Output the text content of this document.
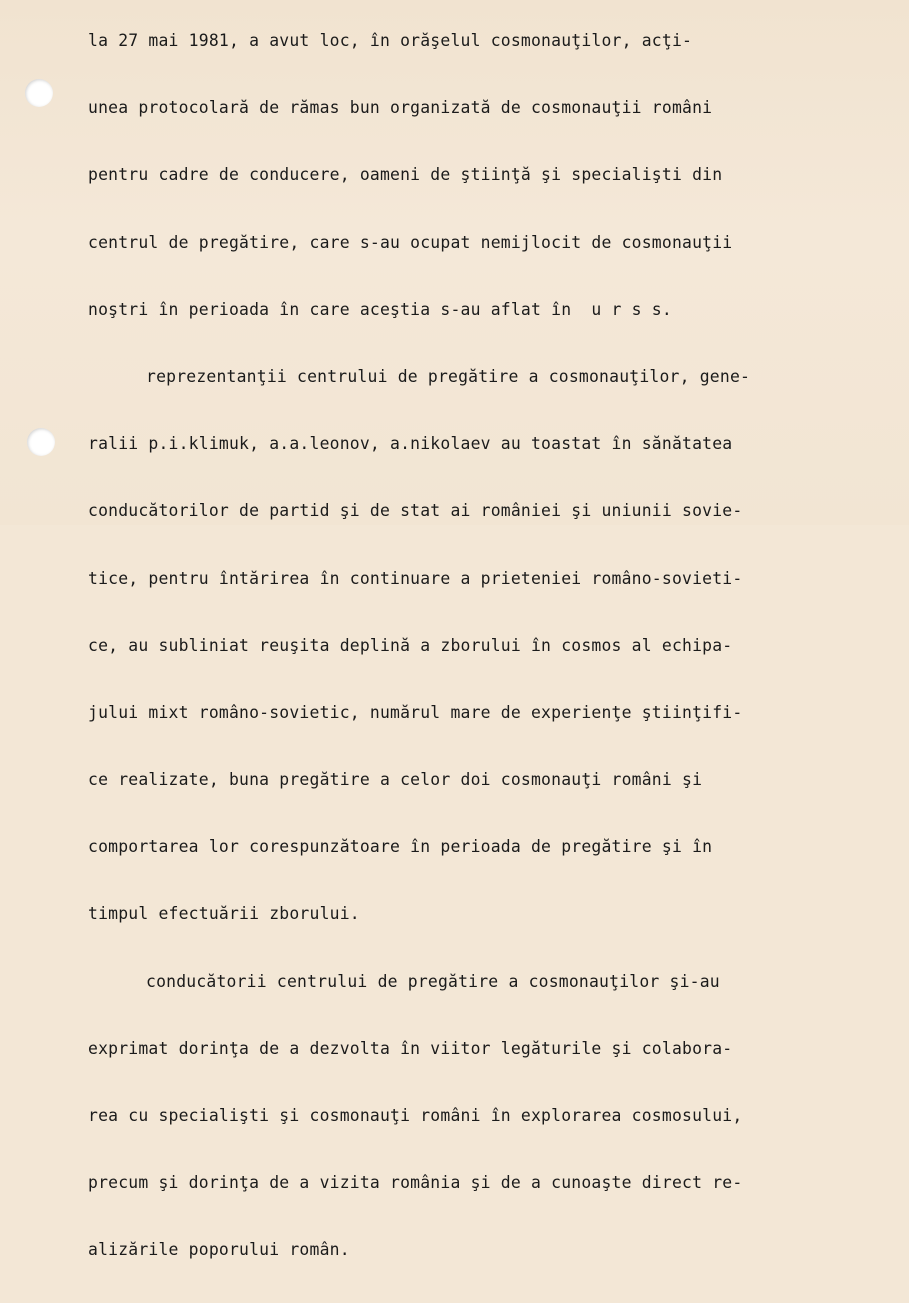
la 27 mai 1981, a avut loc, în orăşelul cosmonauţilor, acţi-

unea protocolară de rămas bun organizată de cosmonauţii români

pentru cadre de conducere, oameni de ştiinţă şi specialişti din

centrul de pregătire, care s-au ocupat nemijlocit de cosmonauţii

noştri în perioada în care aceştia s-au aflat în  u r s s.

reprezentanţii centrului de pregătire a cosmonauţilor, gene-

ralii p.i.klimuk, a.a.leonov, a.nikolaev au toastat în sănătatea

conducătorilor de partid şi de stat ai româniei şi uniunii sovie-

tice, pentru întărirea în continuare a prieteniei româno-sovieti-

ce, au subliniat reuşita deplină a zborului în cosmos al echipa-

jului mixt româno-sovietic, numărul mare de experienţe ştiinţifi-

ce realizate, buna pregătire a celor doi cosmonauţi români şi

comportarea lor corespunzătoare în perioada de pregătire şi în

timpul efectuării zborului.

conducătorii centrului de pregătire a cosmonauţilor şi-au

exprimat dorinţa de a dezvolta în viitor legăturile şi colabora-

rea cu specialişti şi cosmonauţi români în explorarea cosmosului,

precum şi dorinţa de a vizita românia şi de a cunoaşte direct re-

alizările poporului român.
